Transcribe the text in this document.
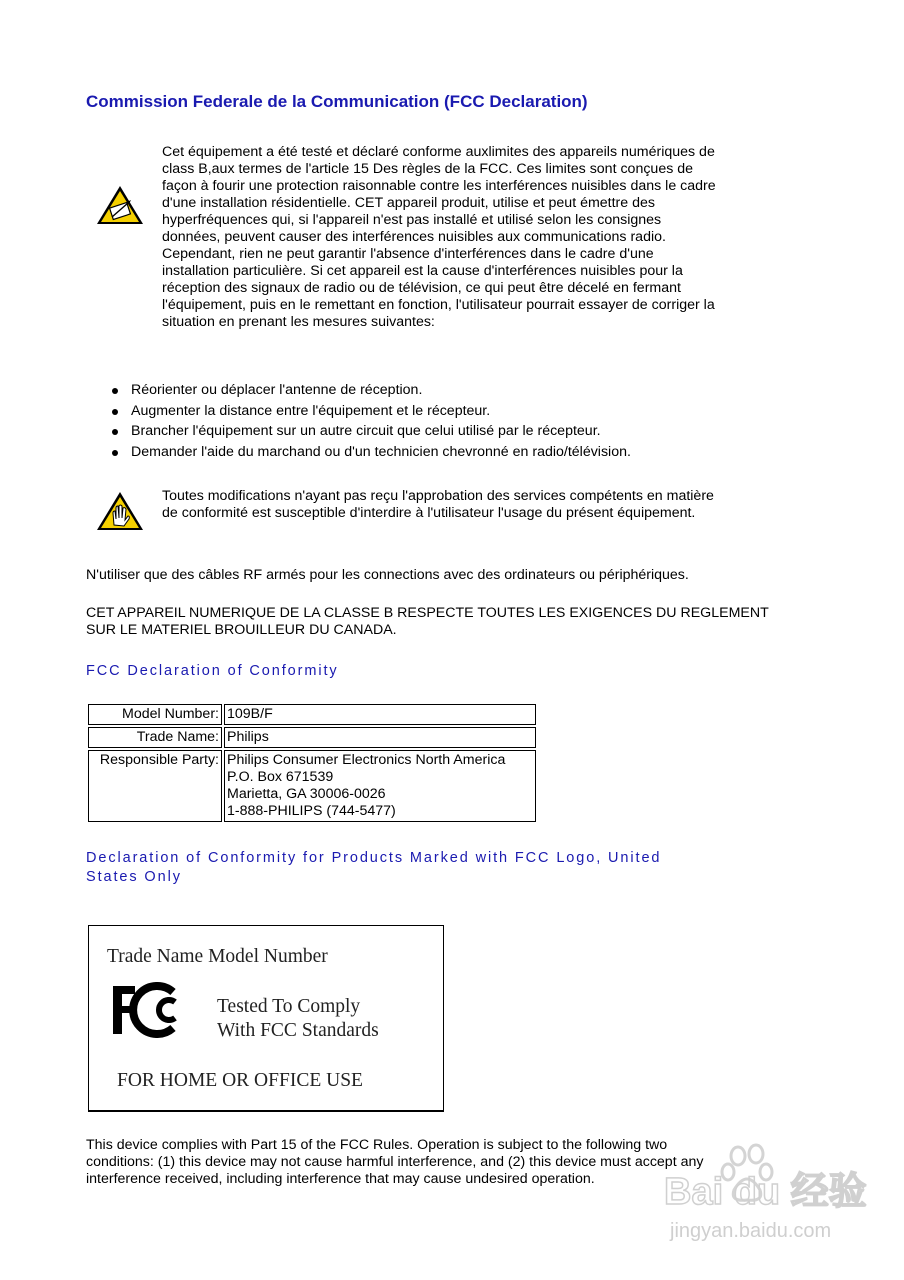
Commission Federale de la Communication (FCC Declaration)
Cet équipement a été testé et déclaré conforme auxlimites des appareils numériques de class B,aux termes de l'article 15 Des règles de la FCC. Ces limites sont conçues de façon à fourir une protection raisonnable contre les interférences nuisibles dans le cadre d'une installation résidentielle. CET appareil produit, utilise et peut émettre des hyperfréquences qui, si l'appareil n'est pas installé et utilisé selon les consignes données, peuvent causer des interférences nuisibles aux communications radio. Cependant, rien ne peut garantir l'absence d'interférences dans le cadre d'une installation particulière. Si cet appareil est la cause d'interférences nuisibles pour la réception des signaux de radio ou de télévision, ce qui peut être décelé en fermant l'équipement, puis en le remettant en fonction, l'utilisateur pourrait essayer de corriger la situation en prenant les mesures suivantes:
Réorienter ou déplacer l'antenne de réception.
Augmenter la distance entre l'équipement et le récepteur.
Brancher l'équipement sur un autre circuit que celui utilisé par le récepteur.
Demander l'aide du marchand ou d'un technicien chevronné en radio/télévision.
Toutes modifications n'ayant pas reçu l'approbation des services compétents en matière de conformité est susceptible d'interdire à l'utilisateur l'usage du présent équipement.
N'utiliser que des câbles RF armés pour les connections avec des ordinateurs ou périphériques.
CET APPAREIL NUMERIQUE DE LA CLASSE B RESPECTE TOUTES LES EXIGENCES DU REGLEMENT SUR LE MATERIEL BROUILLEUR DU CANADA.
FCC Declaration of Conformity
Model Number:	109B/F
Trade Name:	Philips
Responsible Party:	Philips Consumer Electronics North America
P.O. Box 671539
Marietta, GA 30006-0026
1-888-PHILIPS (744-5477)
Declaration of Conformity for Products Marked with FCC Logo, United States Only
Trade Name Model Number
Tested To Comply
With FCC Standards
FOR HOME OR OFFICE USE
This device complies with Part 15 of the FCC Rules. Operation is subject to the following two conditions: (1) this device may not cause harmful interference, and (2) this device must accept any interference received, including interference that may cause undesired operation.	Bai du 经验
jingyan.baidu.com
